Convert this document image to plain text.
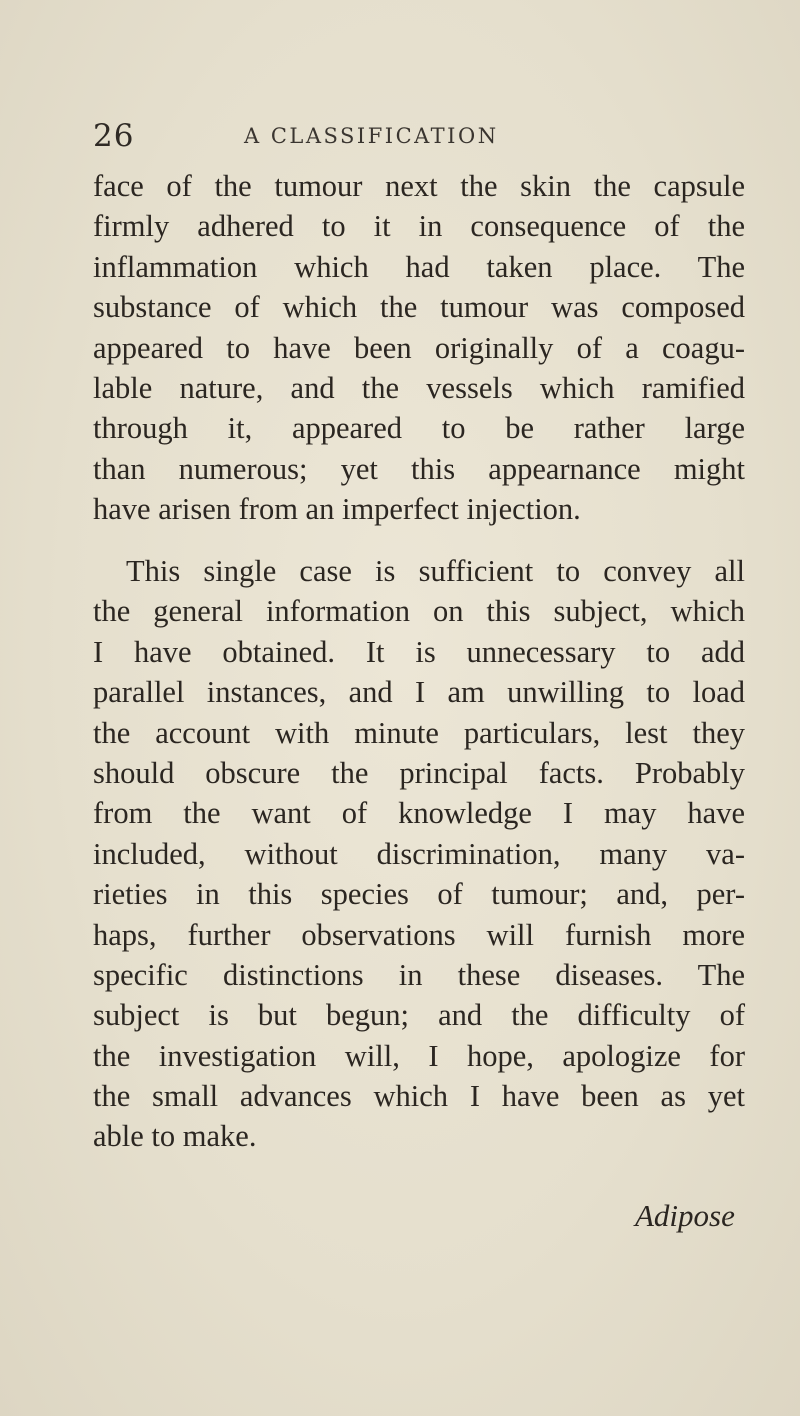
26	A CLASSIFICATION
face of the tumour next the skin the capsule
firmly adhered to it in consequence of the
inflammation which had taken place. The
substance of which the tumour was composed
appeared to have been originally of a coagu-
lable nature, and the vessels which ramified
through it, appeared to be rather large
than numerous; yet this appearnance might
have arisen from an imperfect injection.
This single case is sufficient to convey all
the general information on this subject, which
I have obtained. It is unnecessary to add
parallel instances, and I am unwilling to load
the account with minute particulars, lest they
should obscure the principal facts. Probably
from the want of knowledge I may have
included, without discrimination, many va-
rieties in this species of tumour; and, per-
haps, further observations will furnish more
specific distinctions in these diseases. The
subject is but begun; and the difficulty of
the investigation will, I hope, apologize for
the small advances which I have been as yet
able to make.
Adipose
